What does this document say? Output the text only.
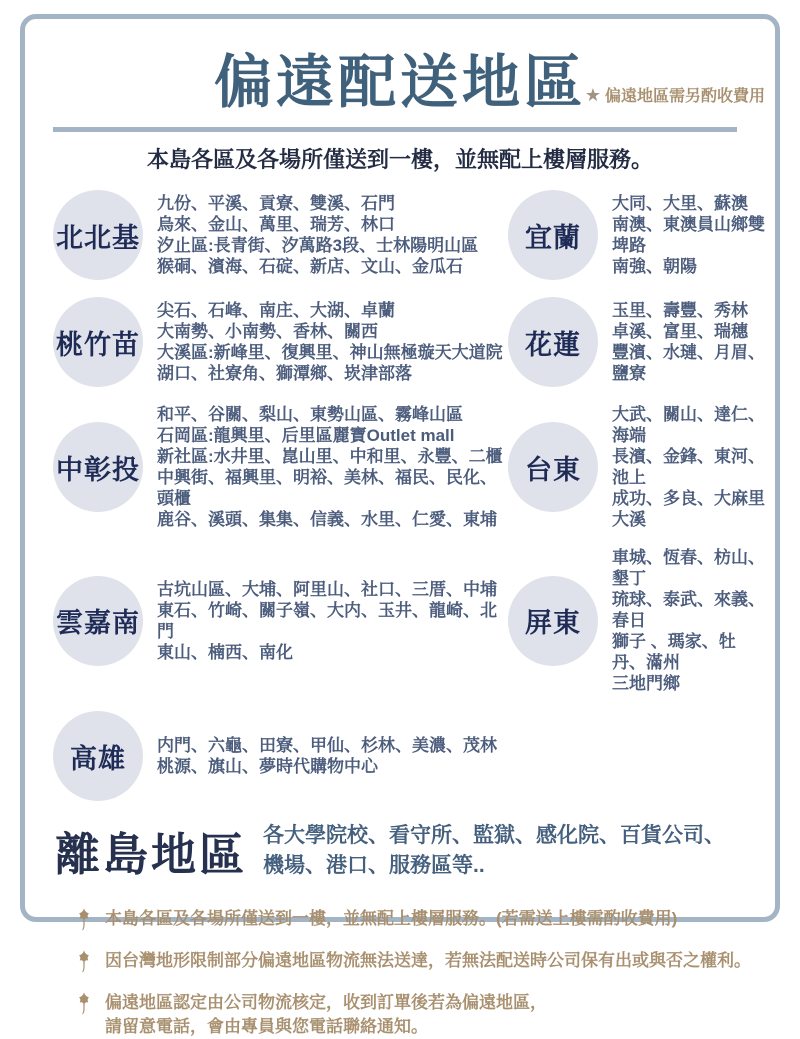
偏遠配送地區
★ 偏遠地區需另酌收費用
本島各區及各場所僅送到一樓，並無配上樓層服務。
北北基
九份、平溪、貢寮、雙溪、石門
烏來、金山、萬里、瑞芳、林口
汐止區:長青街、汐萬路3段、士林陽明山區
猴硐、濱海、石碇、新店、文山、金瓜石
宜蘭
大同、大里、蘇澳
南澳、東澳員山鄉雙埤路
南強、朝陽
桃竹苗
尖石、石峰、南庄、大湖、卓蘭
大南勢、小南勢、香林、關西
大溪區:新峰里、復興里、神山無極璇天大道院
湖口、社寮角、獅潭鄉、崁津部落
花蓮
玉里、壽豐、秀林
卓溪、富里、瑞穗
豐濱、水璉、月眉、鹽寮
中彰投
和平、谷關、梨山、東勢山區、霧峰山區
石岡區:龍興里、后里區麗寶Outlet mall
新社區:水井里、崑山里、中和里、永豐、二櫃
中興街、福興里、明裕、美林、福民、民化、頭櫃
鹿谷、溪頭、集集、信義、水里、仁愛、東埔
台東
大武、關山、達仁、海端
長濱、金鋒、東河、池上
成功、多良、大麻里
大溪
雲嘉南
古坑山區、大埔、阿里山、社口、三厝、中埔
東石、竹崎、關子嶺、大内、玉井、龍崎、北門
東山、楠西、南化
屏東
車城、恆春、枋山、墾丁
琉球、泰武、來義、春日
獅子 、瑪家、牡丹、滿州
三地門鄉
高雄	内門、六龜、田寮、甲仙、杉林、美濃、茂林
桃源、旗山、夢時代購物中心
離島地區 各大學院校、看守所、監獄、感化院、百貨公司、
機場、港口、服務區等..
本島各區及各場所僅送到一樓，並無配上樓層服務。(若需送上樓需酌收費用)
因台灣地形限制部分偏遠地區物流無法送達，若無法配送時公司保有出或與否之權利。
偏遠地區認定由公司物流核定，收到訂單後若為偏遠地區，
請留意電話，會由專員與您電話聯絡通知。
